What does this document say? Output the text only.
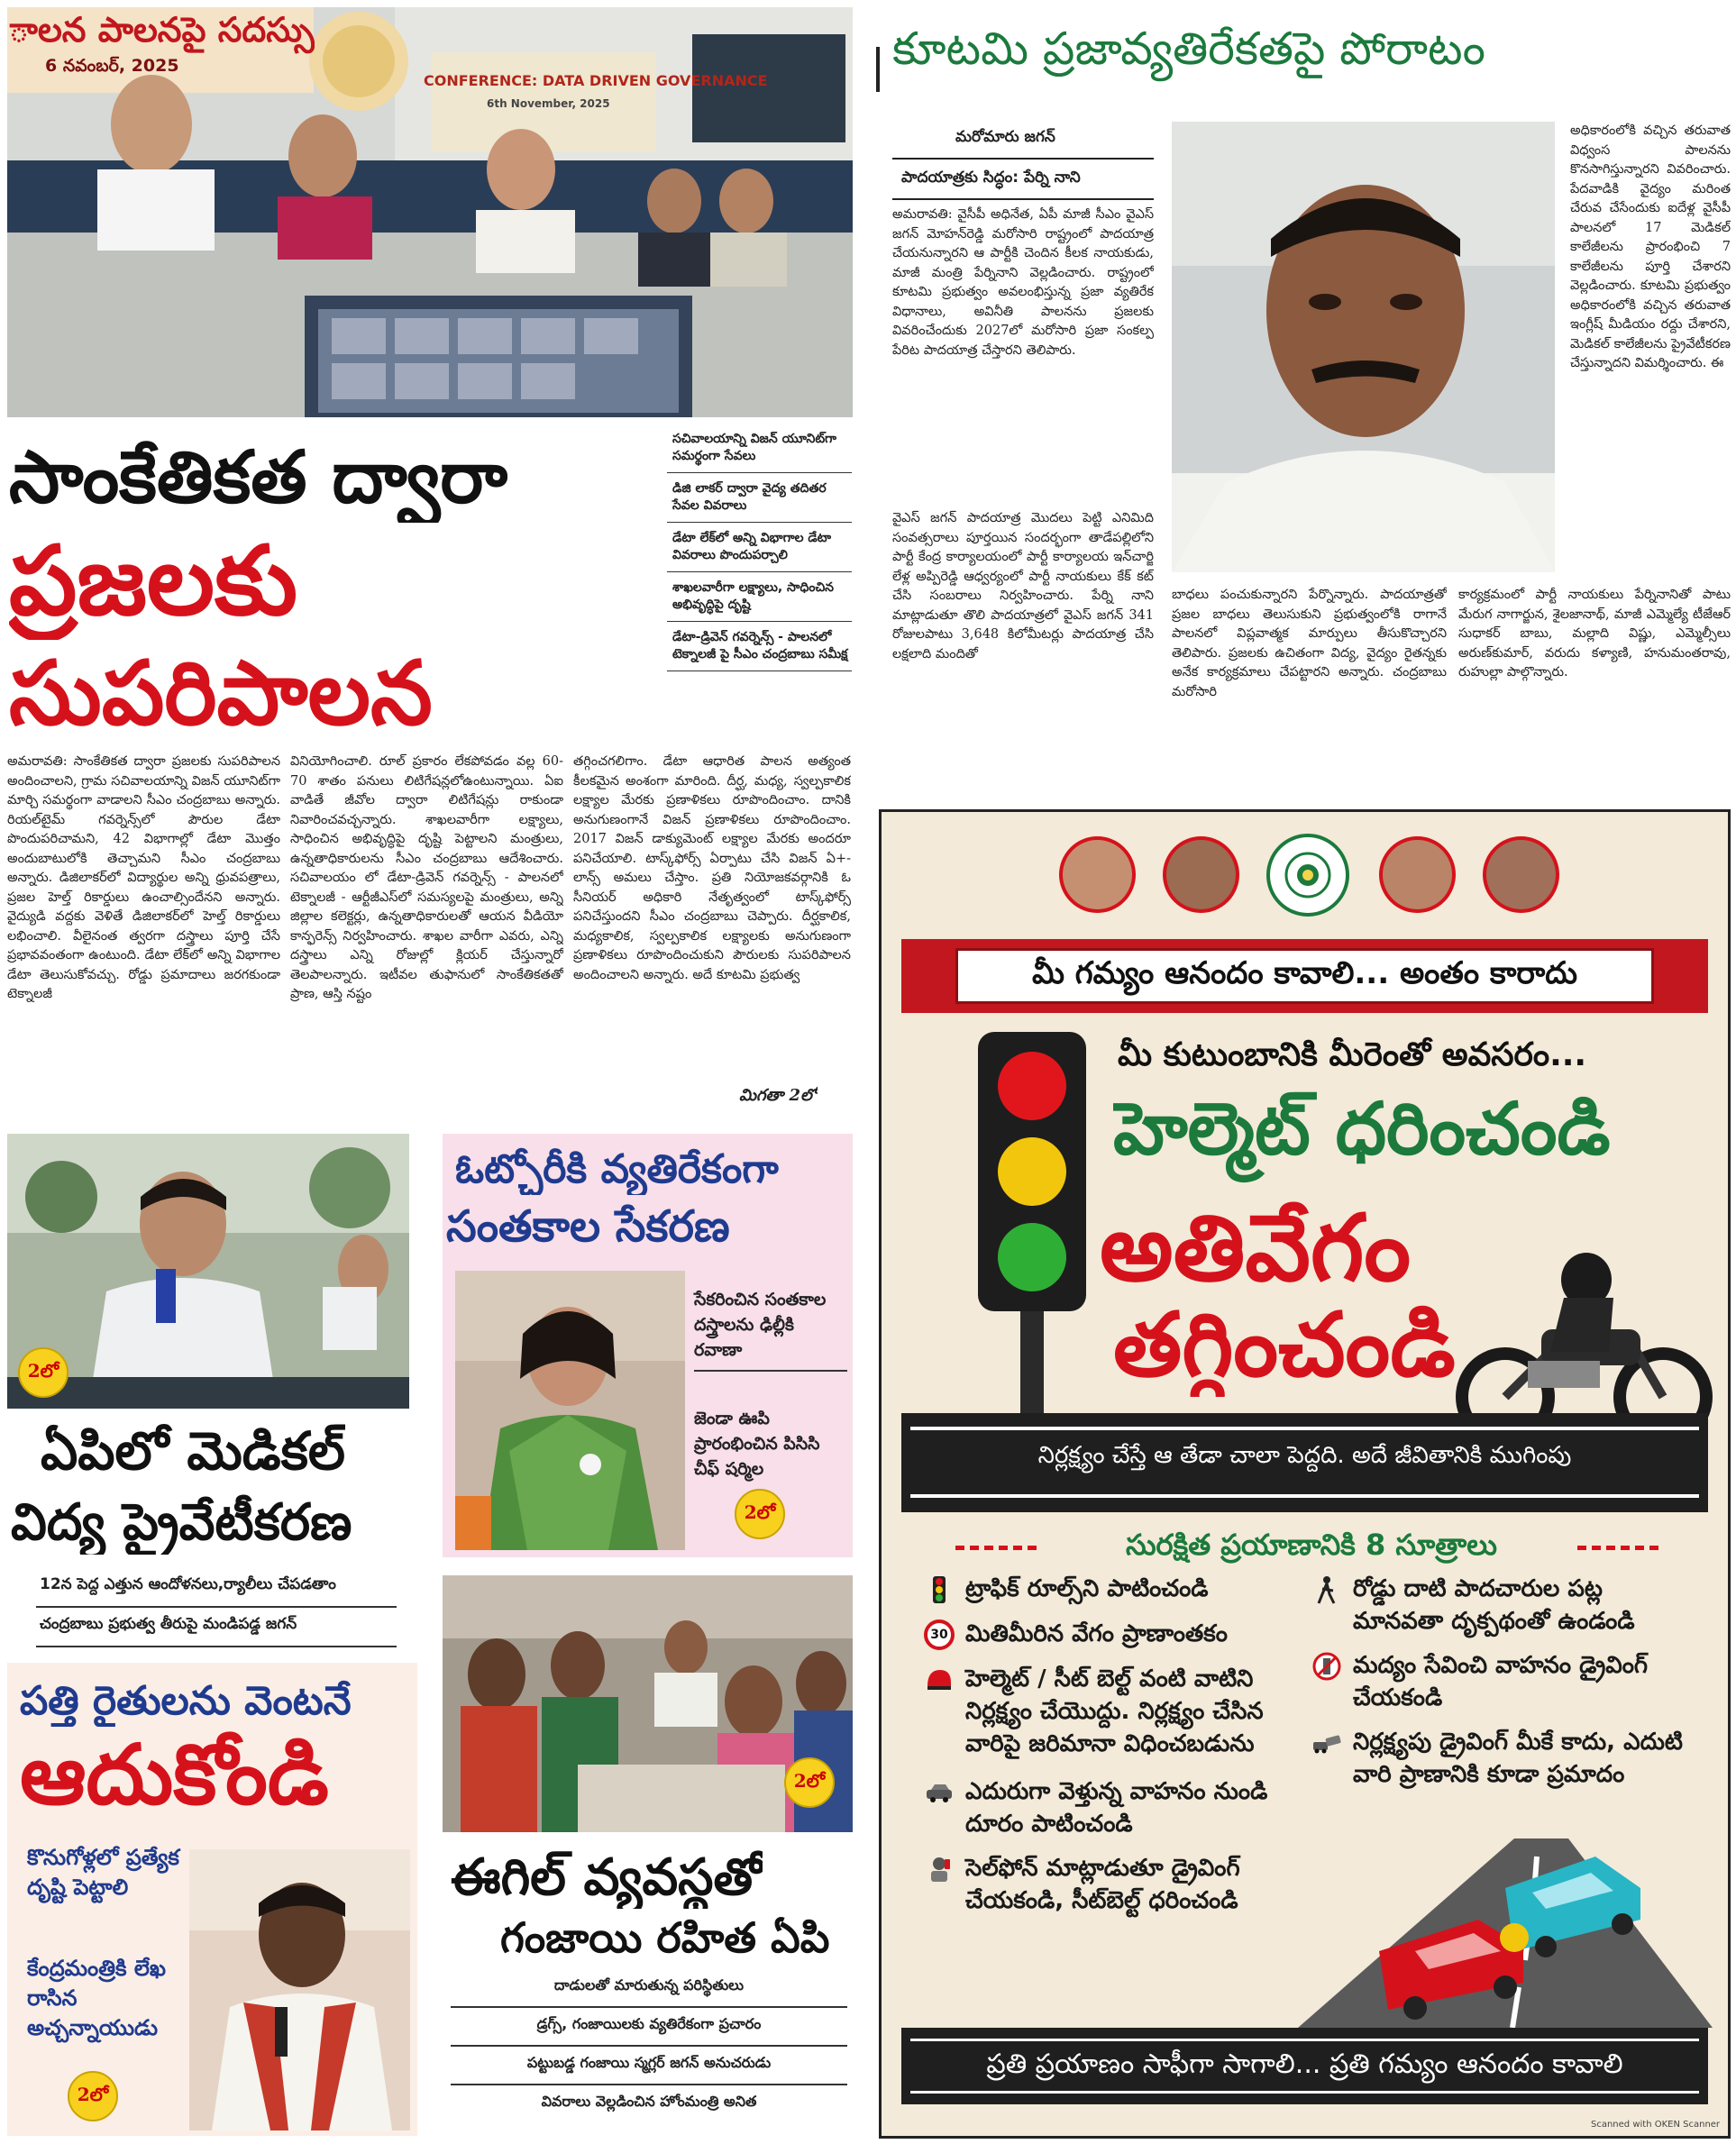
ాలన పాలనపై సదస్సు
6 నవంబర్, 2025
CONFERENCE: DATA DRIVEN GOVERNANCE
6th November, 2025
సాంకేతికత ద్వారా
ప్రజలకు
సుపరిపాలన
సచివాలయాన్ని విజన్ యూనిట్‌గా సమర్థంగా సేవలు
డిజి లాకర్ ద్వారా వైద్య తదితర సేవల వివరాలు
డేటా లేక్‌లో అన్ని విభాగాల డేటా వివరాలు పొందుపర్చాలి
శాఖలవారీగా లక్ష్యాలు, సాధించిన అభివృద్ధిపై దృష్టి
డేటా-డ్రివెన్ గవర్నెన్స్ - పాలనలో టెక్నాలజీ పై సీఎం చంద్రబాబు సమీక్ష
అమరావతి: సాంకేతికత ద్వారా ప్రజలకు సుపరిపాలన అందించాలని, గ్రామ సచివాలయాన్ని విజన్ యూనిట్‌గా మార్చి సమర్థంగా వాడాలని సీఎం చంద్రబాబు అన్నారు. రియల్‌టైమ్ గవర్నెన్స్‌లో పౌరుల డేటా పొందుపరిచామని, 42 విభాగాల్లో డేటా మొత్తం అందుబాటులోకి తెచ్చామని సీఎం చంద్రబాబు అన్నారు. డిజిలాకర్‌లో విద్యార్థుల అన్ని ధ్రువపత్రాలు, ప్రజల హెల్త్ రికార్డులు ఉంచాల్సిందేనని అన్నారు. వైద్యుడి వద్దకు వెళితే డిజిలాకర్‌లో హెల్త్ రికార్డులు లభించాలి. వీలైనంత త్వరగా దస్త్రాలు పూర్తి చేసే ప్రభావవంతంగా ఉంటుంది. డేటా లేక్‌లో అన్ని విభాగాల డేటా తెలుసుకోవచ్చు. రోడ్డు ప్రమాదాలు జరగకుండా టెక్నాలజీ
వినియోగించాలి. రూల్ ప్రకారం లేకపోవడం వల్ల 60-70 శాతం పనులు లిటిగేషన్లలోఉంటున్నాయి. ఏఐ వాడితే జీవోల ద్వారా లిటిగేషన్లు రాకుండా నివారించవచ్చన్నారు. శాఖలవారీగా లక్ష్యాలు, సాధించిన అభివృద్ధిపై దృష్టి పెట్టాలని మంత్రులు, ఉన్నతాధికారులను సీఎం చంద్రబాబు ఆదేశించారు. సచివాలయం లో డేటా-డ్రివెన్ గవర్నెన్స్ - పాలనలో టెక్నాలజీ - ఆర్టీజీఎస్‌లో సమస్యలపై మంత్రులు, అన్ని జిల్లాల కలెక్టర్లు, ఉన్నతాధికారులతో ఆయన వీడియో కాన్ఫరెన్స్ నిర్వహించారు. శాఖల వారీగా ఎవరు, ఎన్ని దస్త్రాలు ఎన్ని రోజుల్లో క్లియర్ చేస్తున్నారో తెలపాలన్నారు. ఇటీవల తుఫానులో సాంకేతికతతో ప్రాణ, ఆస్తి నష్టం
తగ్గించగలిగాం. డేటా ఆధారిత పాలన అత్యంత కీలకమైన అంశంగా మారింది. దీర్ఘ, మధ్య, స్వల్పకాలిక లక్ష్యాల మేరకు ప్రణాళికలు రూపొందించాం. దానికి అనుగుణంగానే విజన్ ప్రణాళికలు రూపొందించాం. 2017 విజన్ డాక్యుమెంట్ లక్ష్యాల మేరకు అందరూ పనిచేయాలి. టాస్క్‌ఫోర్స్ ఏర్పాటు చేసి విజన్ ఏ+-లాన్స్ అమలు చేస్తాం. ప్రతి నియోజకవర్గానికి ఓ సీనియర్ అధికారి నేతృత్వంలో టాస్క్‌ఫోర్స్ పనిచేస్తుందని సీఎం చంద్రబాబు చెప్పారు. దీర్ఘకాలిక, మధ్యకాలిక, స్వల్పకాలిక లక్ష్యాలకు అనుగుణంగా ప్రణాళికలు రూపొందించుకుని పౌరులకు సుపరిపాలన అందించాలని అన్నారు. అదే కూటమి ప్రభుత్వ
మిగతా 2లో
కూటమి ప్రజావ్యతిరేకతపై పోరాటం
మరోమారు జగన్
పాదయాత్రకు సిద్ధం: పేర్ని నాని
అమరావతి: వైసీపీ అధినేత, ఏపీ మాజీ సీఎం వైఎస్ జగన్ మోహన్‌రెడ్డి మరోసారి రాష్ట్రంలో పాదయాత్ర చేయనున్నారని ఆ పార్టీకి చెందిన కీలక నాయకుడు, మాజీ మంత్రి పేర్నినాని వెల్లడించారు. రాష్ట్రంలో కూటమి ప్రభుత్వం అవలంభిస్తున్న ప్రజా వ్యతిరేక విధానాలు, అవినీతి పాలనను ప్రజలకు వివరించేందుకు 2027లో మరోసారి ప్రజా సంకల్ప పేరిట పాదయాత్ర చేస్తారని తెలిపారు.
వైఎస్ జగన్ పాదయాత్ర మొదలు పెట్టి ఎనిమిది సంవత్సరాలు పూర్తయిన సందర్భంగా తాడేపల్లిలోని పార్టీ కేంద్ర కార్యాలయంలో పార్టీ కార్యాలయ ఇన్‌చార్జి లేళ్ల అప్పిరెడ్డి ఆధ్వర్యంలో పార్టీ నాయకులు కేక్ కట్ చేసి సంబరాలు నిర్వహించారు. పేర్ని నాని మాట్లాడుతూ తొలి పాదయాత్రలో వైఎస్ జగన్ 341 రోజులపాటు 3,648 కిలోమీటర్లు పాదయాత్ర చేసి లక్షలాది మందితో
బాధలు పంచుకున్నారని పేర్నొన్నారు. పాదయాత్రతో ప్రజల బాధలు తెలుసుకుని ప్రభుత్వంలోకి రాగానే పాలనలో విప్లవాత్మక మార్పులు తీసుకొచ్చారని తెలిపారు. ప్రజలకు ఉచితంగా విద్య, వైద్యం రైతన్నకు అనేక కార్యక్రమాలు చేపట్టారని అన్నారు. చంద్రబాబు మరోసారి
అధికారంలోకి వచ్చిన తరువాత విధ్వంస పాలనను కొనసాగిస్తున్నారని వివరించారు. పేదవాడికి వైద్యం మరింత చేరువ చేసేందుకు ఐదేళ్ల వైసీపీ పాలనలో 17 మెడికల్ కాలేజీలను ప్రారంభించి 7 కాలేజీలను పూర్తి చేశారని వెల్లడించారు. కూటమి ప్రభుత్వం అధికారంలోకి వచ్చిన తరువాత ఇంగ్లీష్ మీడియం రద్దు చేశారని, మెడికల్ కాలేజీలను ప్రైవేటీకరణ చేస్తున్నాదని విమర్శించారు. ఈ
కార్యక్రమంలో పార్టీ నాయకులు పేర్నినానితో పాటు మేరుగ నాగార్జున, శైలజానాథ్, మాజీ ఎమ్మెల్యే టీజేఆర్ సుధాకర్ బాబు, మల్లాది విష్ణు, ఎమ్మెల్సీలు అరుణ్‌కుమార్, వరుదు కళ్యాణి, హనుమంతరావు, రుహుల్లా పాల్గొన్నారు.
2లో
ఏపిలో మెడికల్
విద్య ప్రైవేటీకరణ
12న పెద్ద ఎత్తున ఆందోళనలు,ర్యాలీలు చేపడతాం
చంద్రబాబు ప్రభుత్వ తీరుపై మండిపడ్డ జగన్
ఓట్చోరీకి వ్యతిరేకంగా
సంతకాల సేకరణ
సేకరించిన సంతకాల దస్త్రాలను ఢిల్లీకి రవాణా
జెండా ఊపి ప్రారంభించిన పిసిసి చీఫ్ షర్మిల
2లో
పత్తి రైతులను వెంటనే
ఆదుకోండి
కొనుగోళ్లలో ప్రత్యేక దృష్టి పెట్టాలి
కేంద్రమంత్రికి లేఖ రాసిన అచ్చన్నాయుడు
2లో
2లో
ఈగిల్ వ్యవస్థతో
గంజాయి రహిత ఏపి
దాడులతో మారుతున్న పరిస్థితులు
డ్రగ్స్, గంజాయిలకు వ్యతిరేకంగా ప్రచారం
పట్టుబడ్డ గంజాయి స్మగ్లర్ జగన్ అనుచరుడు
వివరాలు వెల్లడించిన హోంమంత్రి అనిత
మీ గమ్యం ఆనందం కావాలి... అంతం కారాదు
మీ కుటుంబానికి మీరెంతో అవసరం...
హెల్మెట్ ధరించండి
అతివేగం
తగ్గించండి
నిర్లక్ష్యం చేస్తే ఆ తేడా చాలా పెద్దది. అదే జీవితానికి ముగింపు
సురక్షిత ప్రయాణానికి 8 సూత్రాలు
ట్రాఫిక్ రూల్స్‌ని పాటించండి
30 మితిమీరిన వేగం ప్రాణాంతకం
హెల్మెట్ / సీట్ బెల్ట్ వంటి వాటిని నిర్లక్ష్యం చేయొద్దు. నిర్లక్ష్యం చేసిన వారిపై జరిమానా విధించబడును
ఎదురుగా వెళ్తున్న వాహనం నుండి దూరం పాటించండి
సెల్‌ఫోన్ మాట్లాడుతూ డ్రైవింగ్ చేయకండి, సీట్‌బెల్ట్ ధరించండి
రోడ్డు దాటి పాదచారుల పట్ల మానవతా దృక్పథంతో ఉండండి
మద్యం సేవించి వాహనం డ్రైవింగ్ చేయకండి
నిర్లక్ష్యపు డ్రైవింగ్ మీకే కాదు, ఎదుటి వారి ప్రాణానికి కూడా ప్రమాదం
ప్రతి ప్రయాణం సాఫీగా సాగాలి... ప్రతి గమ్యం ఆనందం కావాలి
Scanned with OKEN Scanner
